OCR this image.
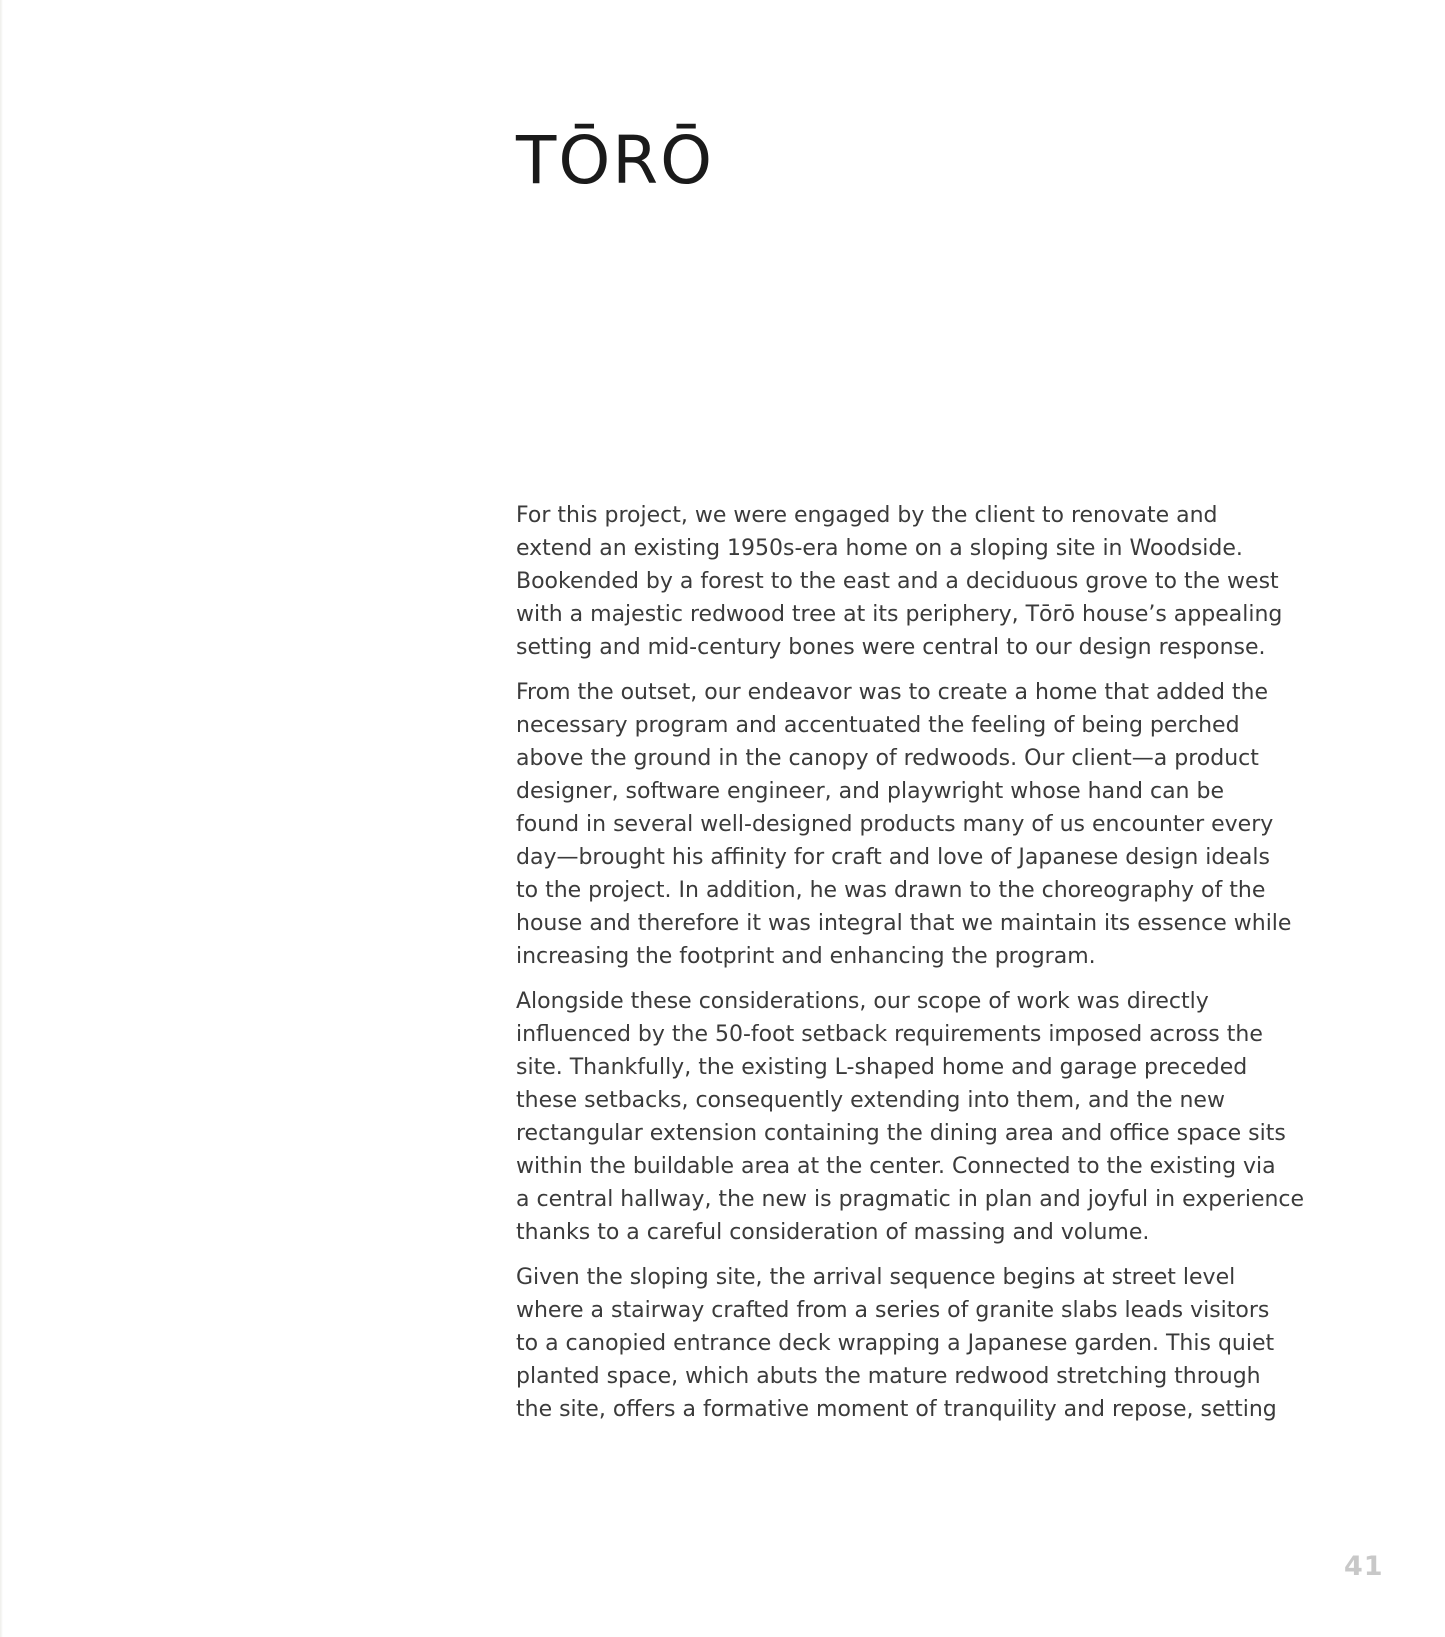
TŌRŌ

For this project, we were engaged by the client to renovate and
extend an existing 1950s-era home on a sloping site in Woodside.
Bookended by a forest to the east and a deciduous grove to the west
with a majestic redwood tree at its periphery, Tōrō house’s appealing
setting and mid-century bones were central to our design response.

From the outset, our endeavor was to create a home that added the
necessary program and accentuated the feeling of being perched
above the ground in the canopy of redwoods. Our client—a product
designer, software engineer, and playwright whose hand can be
found in several well-designed products many of us encounter every
day—brought his affinity for craft and love of Japanese design ideals
to the project. In addition, he was drawn to the choreography of the
house and therefore it was integral that we maintain its essence while
increasing the footprint and enhancing the program.

Alongside these considerations, our scope of work was directly
influenced by the 50-foot setback requirements imposed across the
site. Thankfully, the existing L-shaped home and garage preceded
these setbacks, consequently extending into them, and the new
rectangular extension containing the dining area and office space sits
within the buildable area at the center. Connected to the existing via
a central hallway, the new is pragmatic in plan and joyful in experience
thanks to a careful consideration of massing and volume.

Given the sloping site, the arrival sequence begins at street level
where a stairway crafted from a series of granite slabs leads visitors
to a canopied entrance deck wrapping a Japanese garden. This quiet
planted space, which abuts the mature redwood stretching through
the site, offers a formative moment of tranquility and repose, setting

41
